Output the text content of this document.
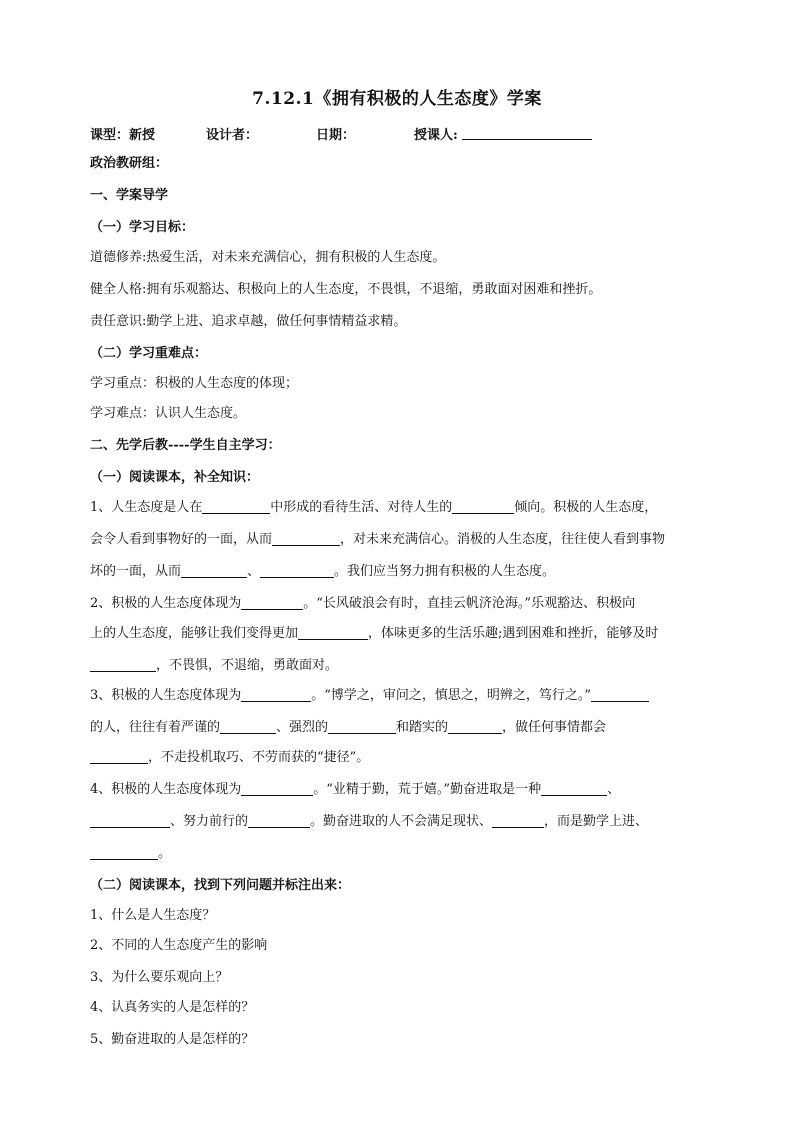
7.12.1《拥有积极的人生态度》学案
课型：新授	设计者：	日期：	授课人:
政治教研组：
一、学案导学
（一）学习目标：
道德修养:热爱生活，对未来充满信心，拥有积极的人生态度。
健全人格:拥有乐观豁达、积极向上的人生态度，不畏惧，不退缩，勇敢面对困难和挫折。
责任意识:勤学上进、追求卓越，做任何事情精益求精。
（二）学习重难点：
学习重点：积极的人生态度的体现；
学习难点：认识人生态度。
二、先学后教----学生自主学习：
（一）阅读课本，补全知识：
1、人生态度是人在	中形成的看待生活、对待人生的	倾向。积极的人生态度，
会令人看到事物好的一面，从而	，对未来充满信心。消极的人生态度，往往使人看到事物
坏的一面，从而	、	。我们应当努力拥有积极的人生态度。
2、积极的人生态度体现为	。“长风破浪会有时，直挂云帆济沧海。”乐观豁达、积极向
上的人生态度，能够让我们变得更加	，体味更多的生活乐趣;遇到困难和挫折，能够及时
，不畏惧，不退缩，勇敢面对。
3、积极的人生态度体现为	。“博学之，审问之，慎思之，明辨之，笃行之。”
的人，往往有着严谨的	、强烈的	和踏实的	，做任何事情都会
，不走投机取巧、不劳而获的“捷径”。
4、积极的人生态度体现为	。“业精于勤，荒于嬉。”勤奋进取是一种	、
、努力前行的	。勤奋进取的人不会满足现状、	，而是勤学上进、
。
（二）阅读课本，找到下列问题并标注出来：
1、什么是人生态度？
2、不同的人生态度产生的影响
3、为什么要乐观向上？
4、认真务实的人是怎样的？
5、勤奋进取的人是怎样的？
